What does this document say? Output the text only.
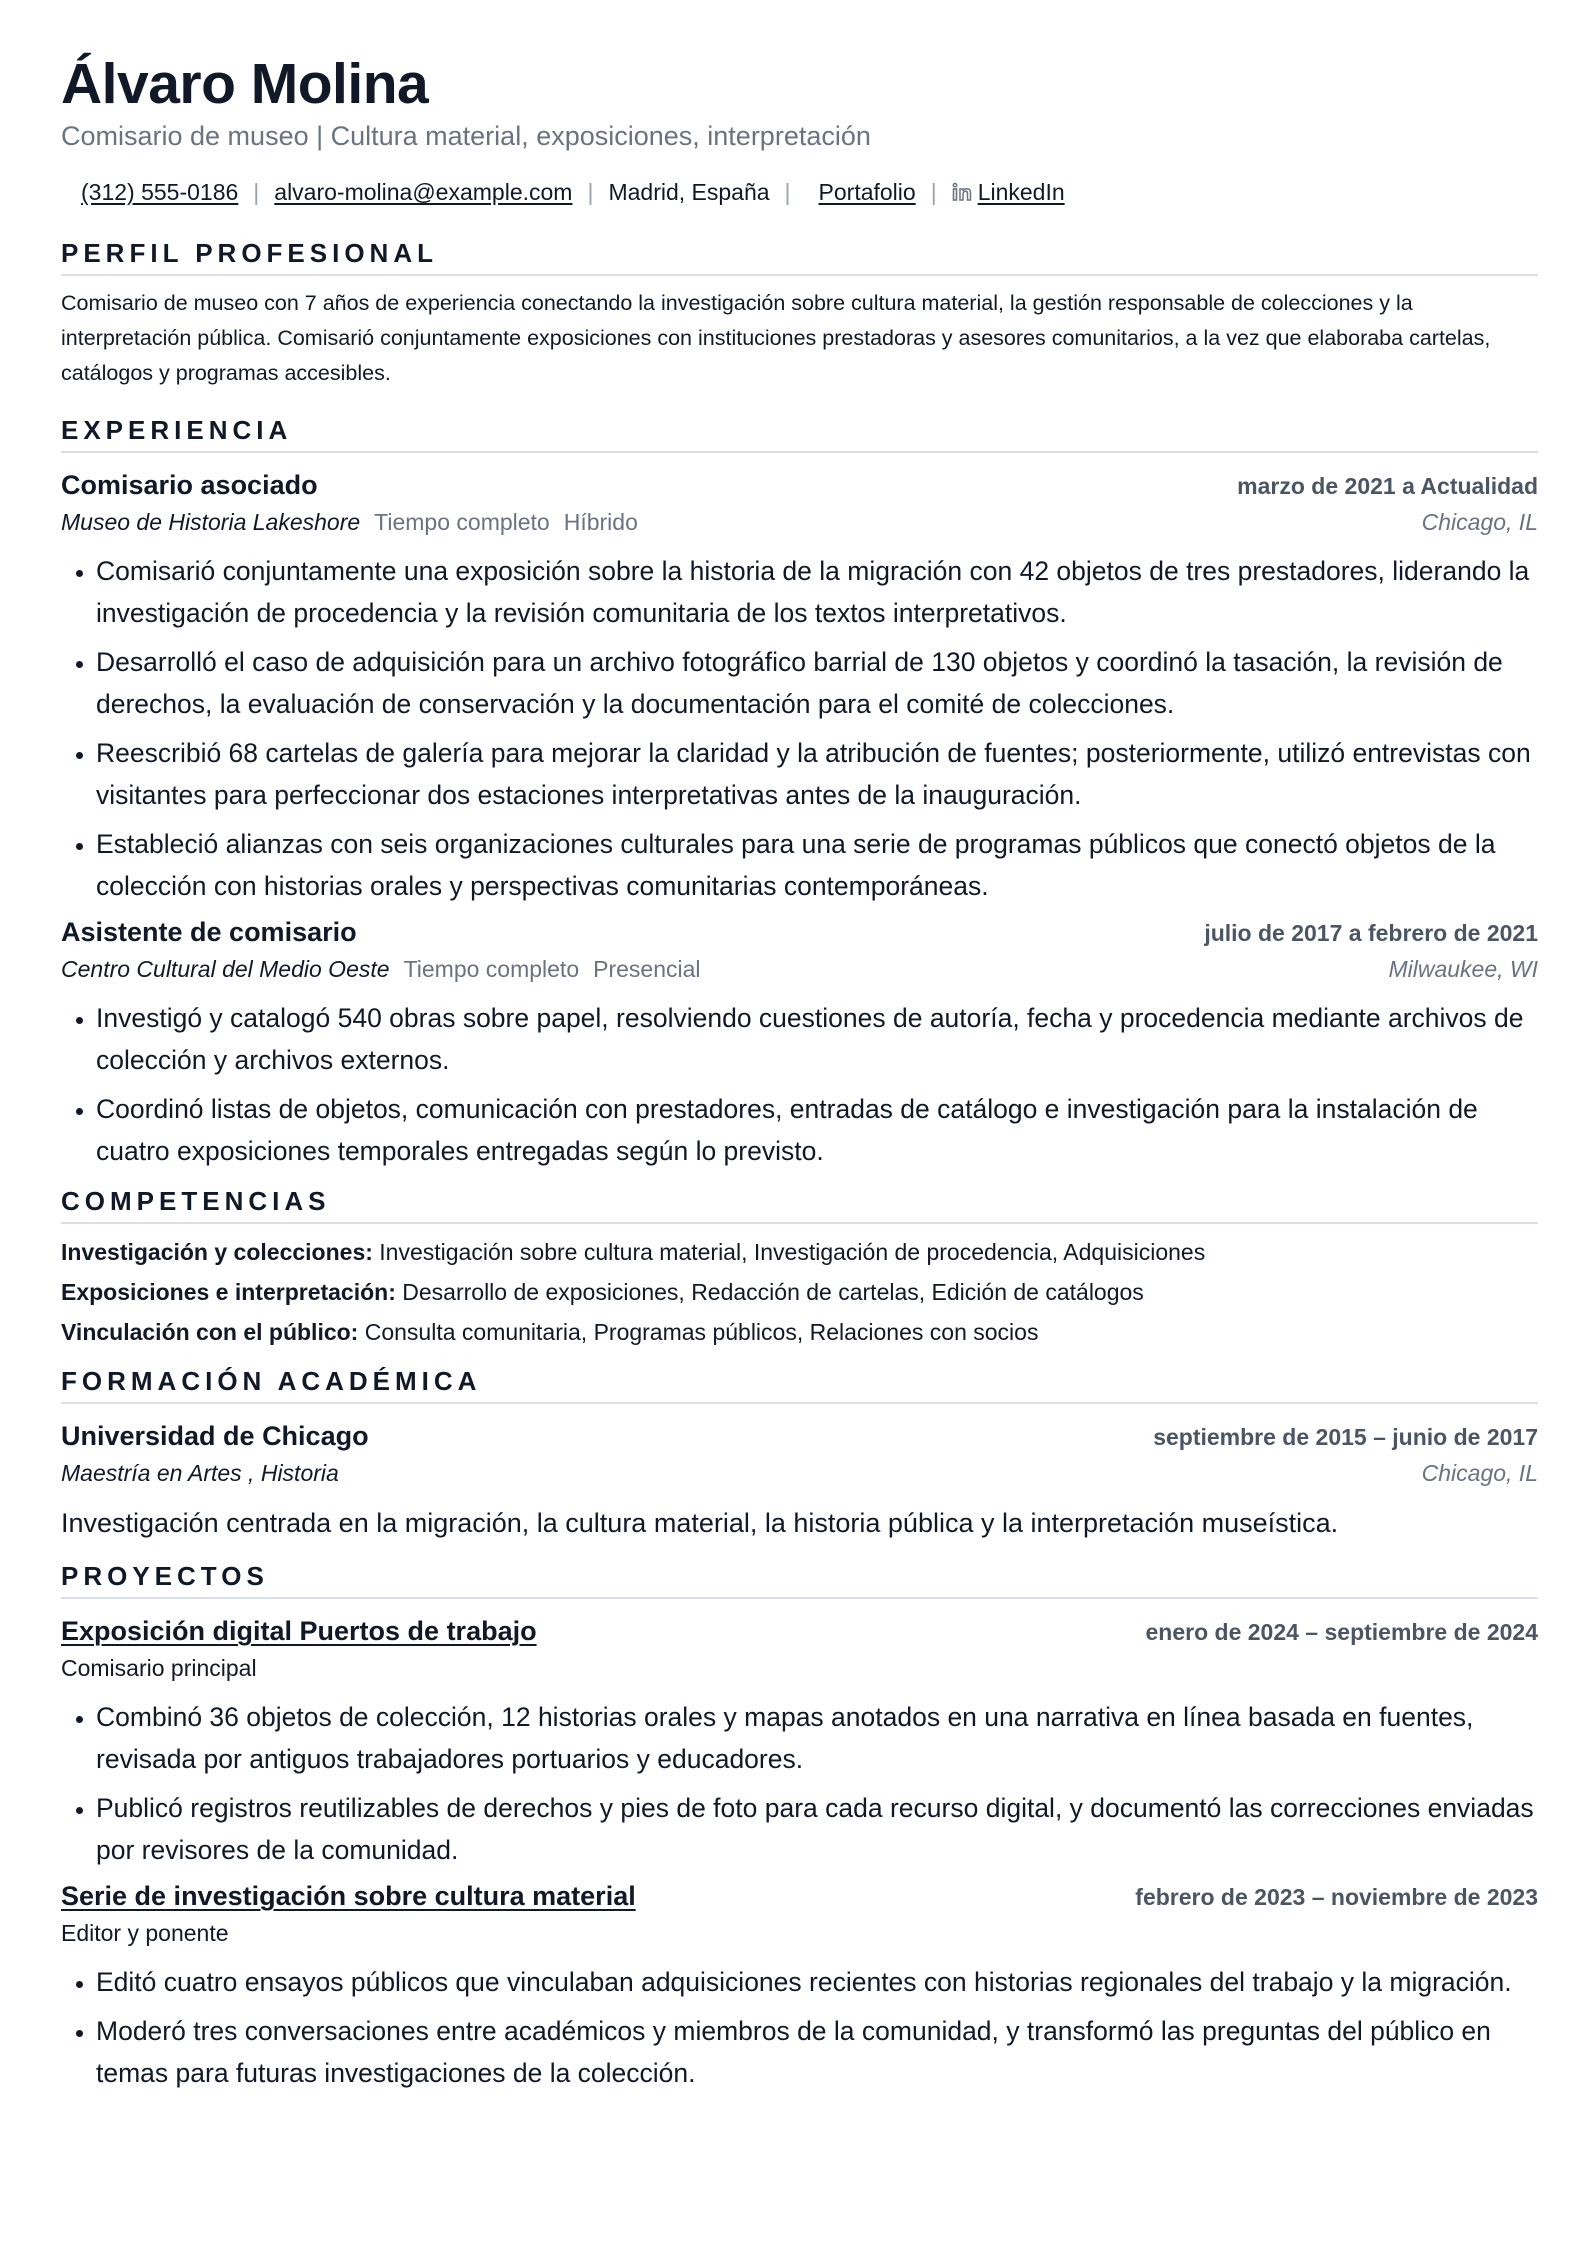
Álvaro Molina
Comisario de museo | Cultura material, exposiciones, interpretación
(312) 555-0186 | alvaro-molina@example.com | Madrid, España | Portafolio | LinkedIn
PERFIL PROFESIONAL
Comisario de museo con 7 años de experiencia conectando la investigación sobre cultura material, la gestión responsable de colecciones y la interpretación pública. Comisarió conjuntamente exposiciones con instituciones prestadoras y asesores comunitarios, a la vez que elaboraba cartelas, catálogos y programas accesibles.
EXPERIENCIA
Comisario asociado	marzo de 2021 a Actualidad
Museo de Historia Lakeshore Tiempo completo Híbrido	Chicago, IL
• Comisarió conjuntamente una exposición sobre la historia de la migración con 42 objetos de tres prestadores, liderando la investigación de procedencia y la revisión comunitaria de los textos interpretativos.
• Desarrolló el caso de adquisición para un archivo fotográfico barrial de 130 objetos y coordinó la tasación, la revisión de derechos, la evaluación de conservación y la documentación para el comité de colecciones.
• Reescribió 68 cartelas de galería para mejorar la claridad y la atribución de fuentes; posteriormente, utilizó entrevistas con visitantes para perfeccionar dos estaciones interpretativas antes de la inauguración.
• Estableció alianzas con seis organizaciones culturales para una serie de programas públicos que conectó objetos de la colección con historias orales y perspectivas comunitarias contemporáneas.
Asistente de comisario	julio de 2017 a febrero de 2021
Centro Cultural del Medio Oeste Tiempo completo Presencial	Milwaukee, WI
• Investigó y catalogó 540 obras sobre papel, resolviendo cuestiones de autoría, fecha y procedencia mediante archivos de colección y archivos externos.
• Coordinó listas de objetos, comunicación con prestadores, entradas de catálogo e investigación para la instalación de cuatro exposiciones temporales entregadas según lo previsto.
COMPETENCIAS
Investigación y colecciones: Investigación sobre cultura material, Investigación de procedencia, Adquisiciones
Exposiciones e interpretación: Desarrollo de exposiciones, Redacción de cartelas, Edición de catálogos
Vinculación con el público: Consulta comunitaria, Programas públicos, Relaciones con socios
FORMACIÓN ACADÉMICA
Universidad de Chicago	septiembre de 2015 – junio de 2017
Maestría en Artes , Historia	Chicago, IL
Investigación centrada en la migración, la cultura material, la historia pública y la interpretación museística.
PROYECTOS
Exposición digital Puertos de trabajo	enero de 2024 – septiembre de 2024
Comisario principal
• Combinó 36 objetos de colección, 12 historias orales y mapas anotados en una narrativa en línea basada en fuentes, revisada por antiguos trabajadores portuarios y educadores.
• Publicó registros reutilizables de derechos y pies de foto para cada recurso digital, y documentó las correcciones enviadas por revisores de la comunidad.
Serie de investigación sobre cultura material	febrero de 2023 – noviembre de 2023
Editor y ponente
• Editó cuatro ensayos públicos que vinculaban adquisiciones recientes con historias regionales del trabajo y la migración.
• Moderó tres conversaciones entre académicos y miembros de la comunidad, y transformó las preguntas del público en temas para futuras investigaciones de la colección.
